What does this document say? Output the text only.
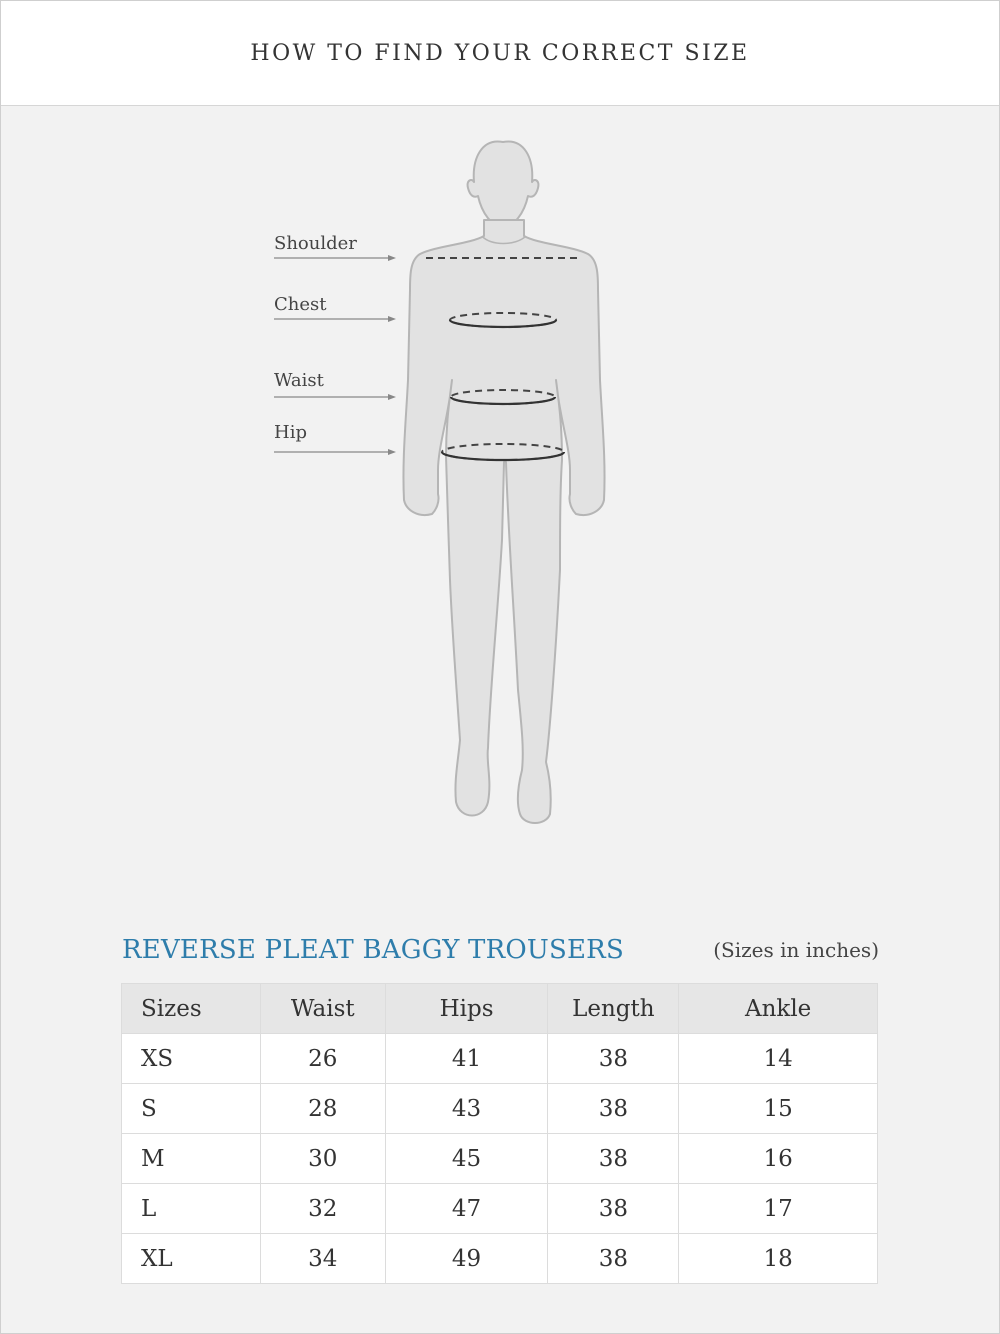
HOW TO FIND YOUR CORRECT SIZE
Shoulder
Chest
Waist
Hip
REVERSE PLEAT BAGGY TROUSERS	(Sizes in inches)
Sizes	Waist	Hips	Length	Ankle
XS	26	41	38	14
S	28	43	38	15
M	30	45	38	16
L	32	47	38	17
XL	34	49	38	18
